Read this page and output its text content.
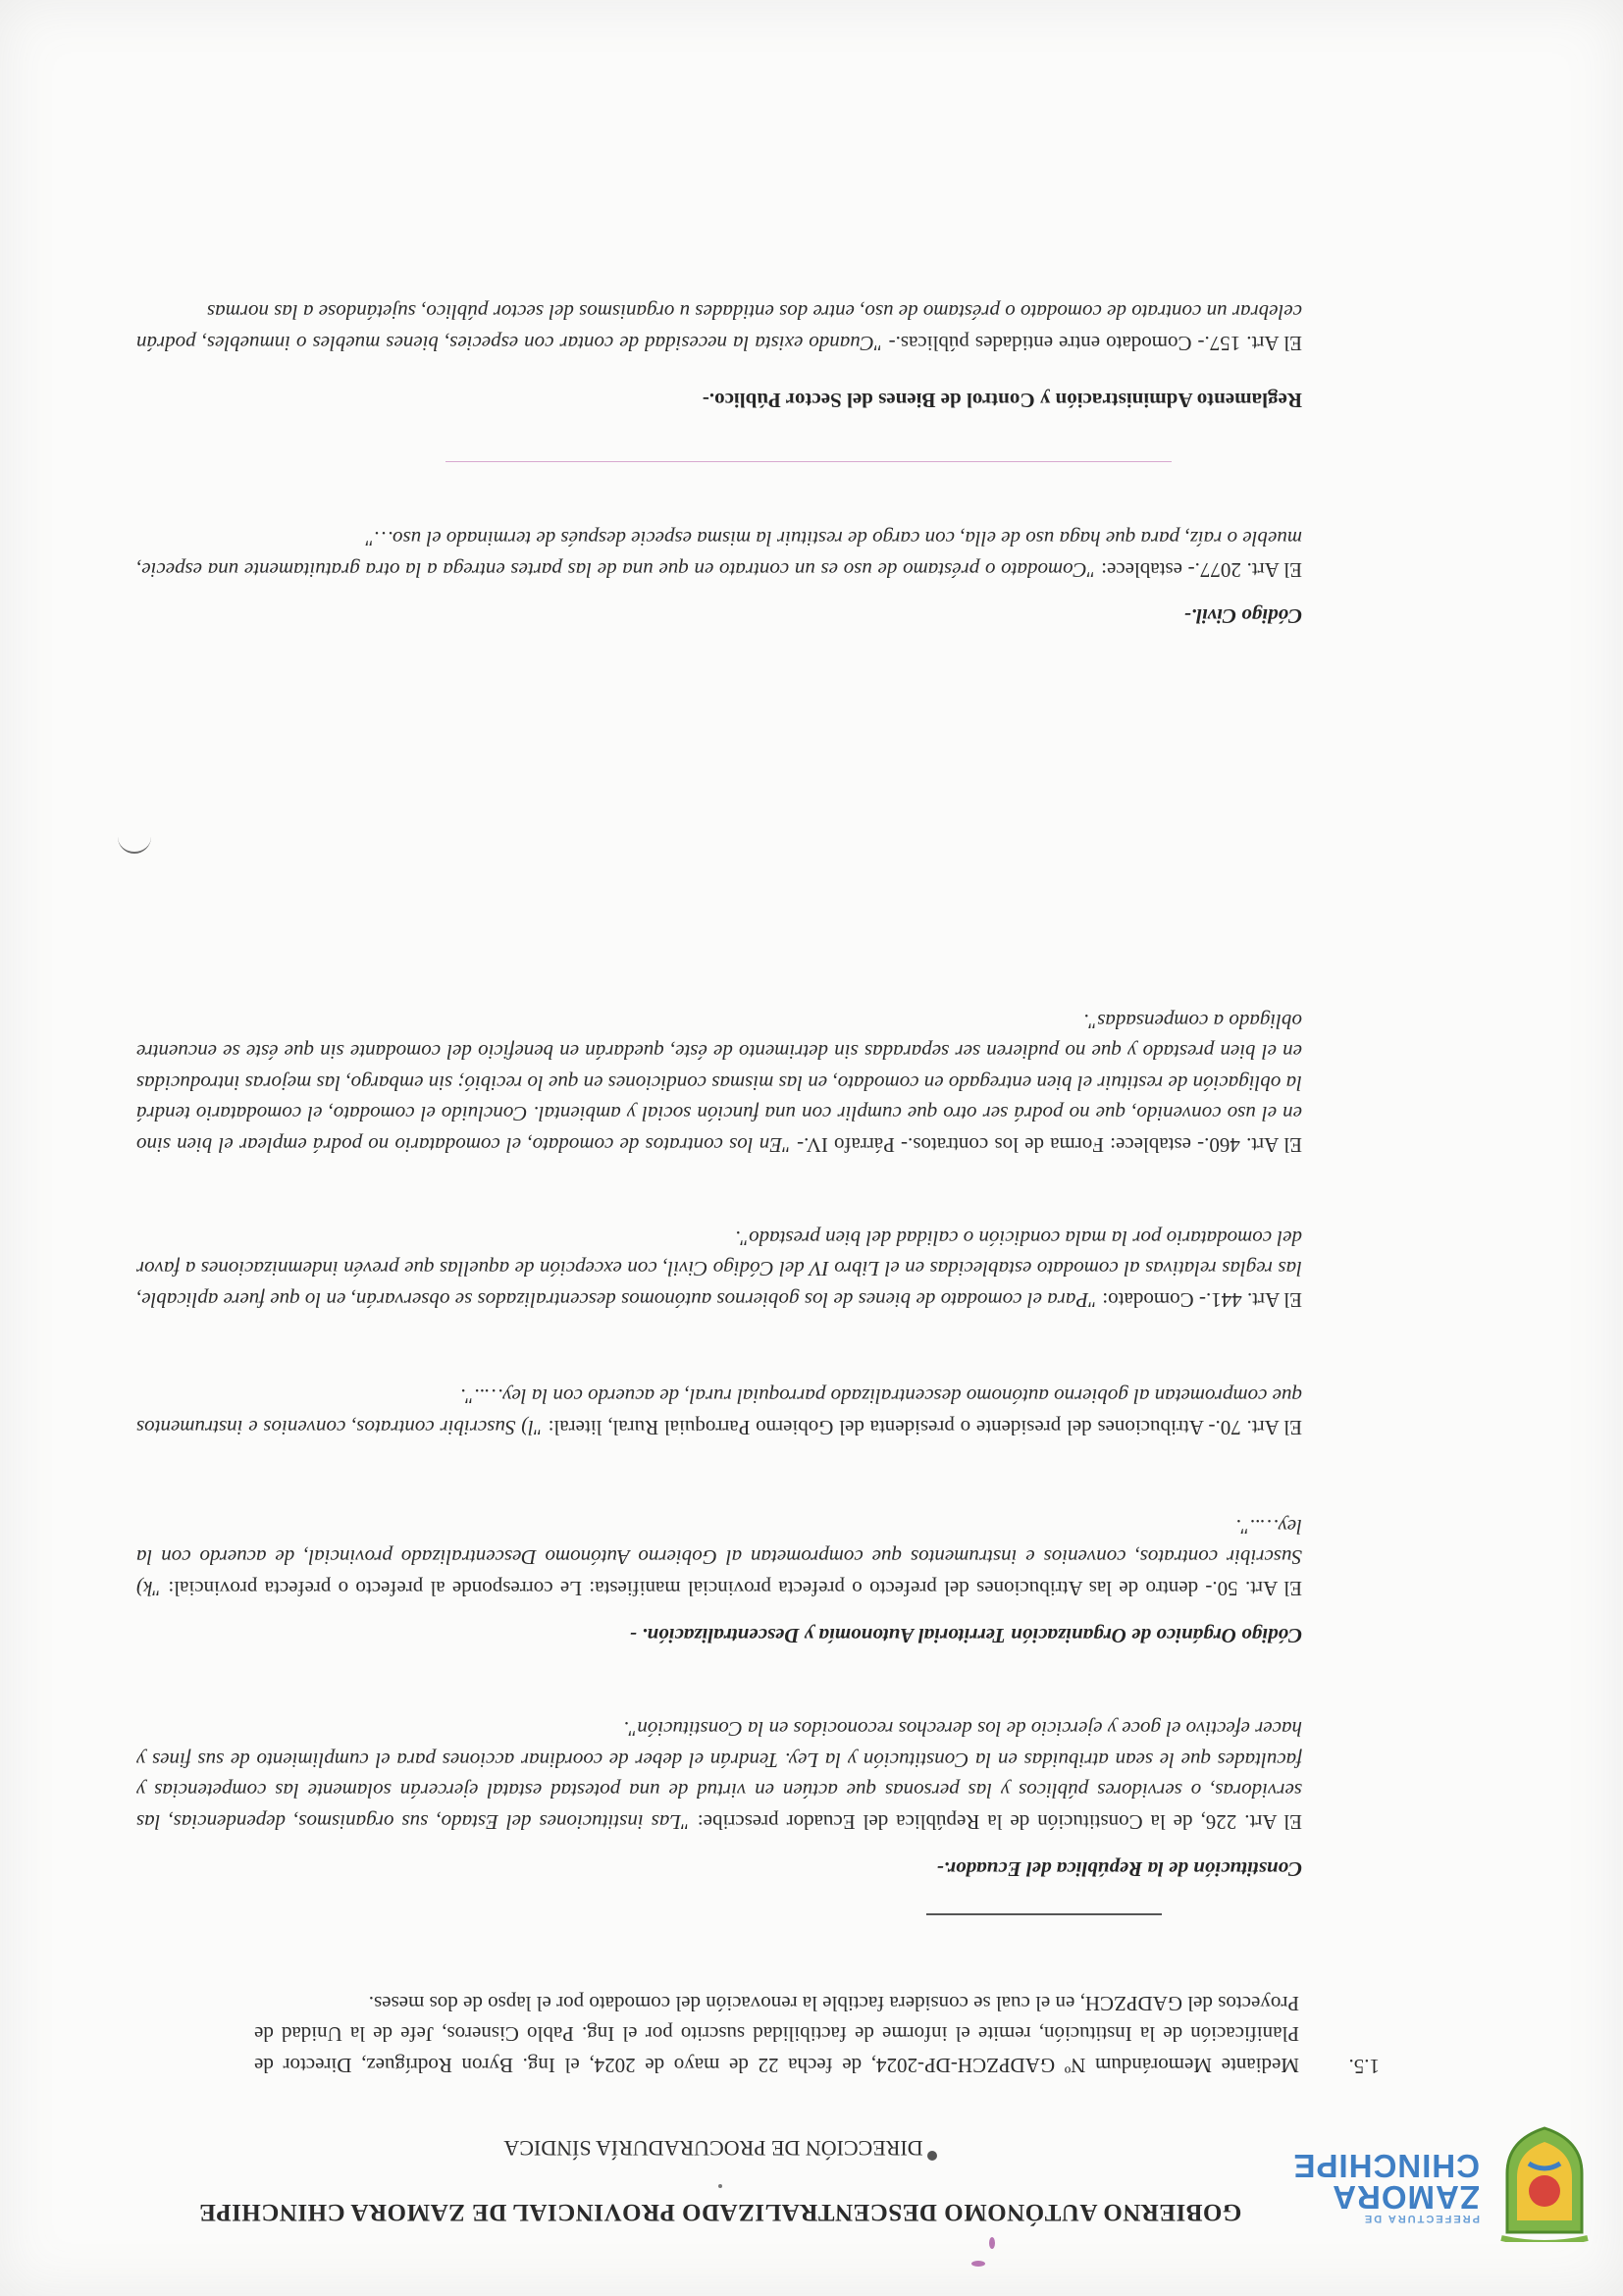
PREFECTURA DE
ZAMORA
CHINCHIPE
GOBIERNO AUTÓNOMO DESCENTRALIZADO PROVINCIAL DE ZAMORA CHINCHIPE
DIRECCIÓN DE PROCURADURÍA SÍNDICA
1.5.
Mediante Memorándum Nº GADPZCH-DP-2024, de fecha 22 de mayo de 2024, el Ing. Byron Rodríguez, Director de Planificación de la Institución, remite el informe de factibilidad suscrito por el Ing. Pablo Cisneros, Jefe de la Unidad de Proyectos del GADPZCH, en el cual se considera factible la renovación del comodato por el lapso de dos meses.
Constitución de la República del Ecuador.-
El Art. 226, de la Constitución de la República del Ecuador prescribe: "Las instituciones del Estado, sus organismos, dependencias, las servidoras, o servidores públicos y las personas que actúen en virtud de una potestad estatal ejercerán solamente las competencias y facultades que le sean atribuidas en la Constitución y la Ley. Tendrán el deber de coordinar acciones para el cumplimiento de sus fines y hacer efectivo el goce y ejercicio de los derechos reconocidos en la Constitución".
Código Orgánico de Organización Territorial Autonomía y Descentralización. -
El Art. 50.- dentro de las Atribuciones del prefecto o prefecta provincial manifiesta: Le corresponde al prefecto o prefecta provincial: "k) Suscribir contratos, convenios e instrumentos que comprometan al Gobierno Autónomo Descentralizado provincial, de acuerdo con la ley…..".
El Art. 70.- Atribuciones del presidente o presidenta del Gobierno Parroquial Rural, literal: "l) Suscribir contratos, convenios e instrumentos que comprometan al gobierno autónomo descentralizado parroquial rural, de acuerdo con la ley…..".
El Art. 441.- Comodato: "Para el comodato de bienes de los gobiernos autónomos descentralizados se observarán, en lo que fuere aplicable, las reglas relativas al comodato establecidas en el Libro IV del Código Civil, con excepción de aquellas que prevén indemnizaciones a favor del comodatario por la mala condición o calidad del bien prestado".
El Art. 460.- establece: Forma de los contratos.- Párrafo IV.- "En los contratos de comodato, el comodatario no podrá emplear el bien sino en el uso convenido, que no podrá ser otro que cumplir con una función social y ambiental. Concluido el comodato, el comodatario tendrá la obligación de restituir el bien entregado en comodato, en las mismas condiciones en que lo recibió; sin embargo, las mejoras introducidas en el bien prestado y que no pudieren ser separadas sin detrimento de éste, quedarán en beneficio del comodante sin que éste se encuentre obligado a compensadas".
Código Civil.-
El Art. 2077.- establece: "Comodato o préstamo de uso es un contrato en que una de las partes entrega a la otra gratuitamente una especie, mueble o raíz, para que haga uso de ella, con cargo de restituir la misma especie después de terminado el uso…"
Reglamento Administración y Control de Bienes del Sector Público.-
El Art. 157.- Comodato entre entidades públicas.- "Cuando exista la necesidad de contar con especies, bienes muebles o inmuebles, podrán celebrar un contrato de comodato o préstamo de uso, entre dos entidades u organismos del sector público, sujetándose a las normas
